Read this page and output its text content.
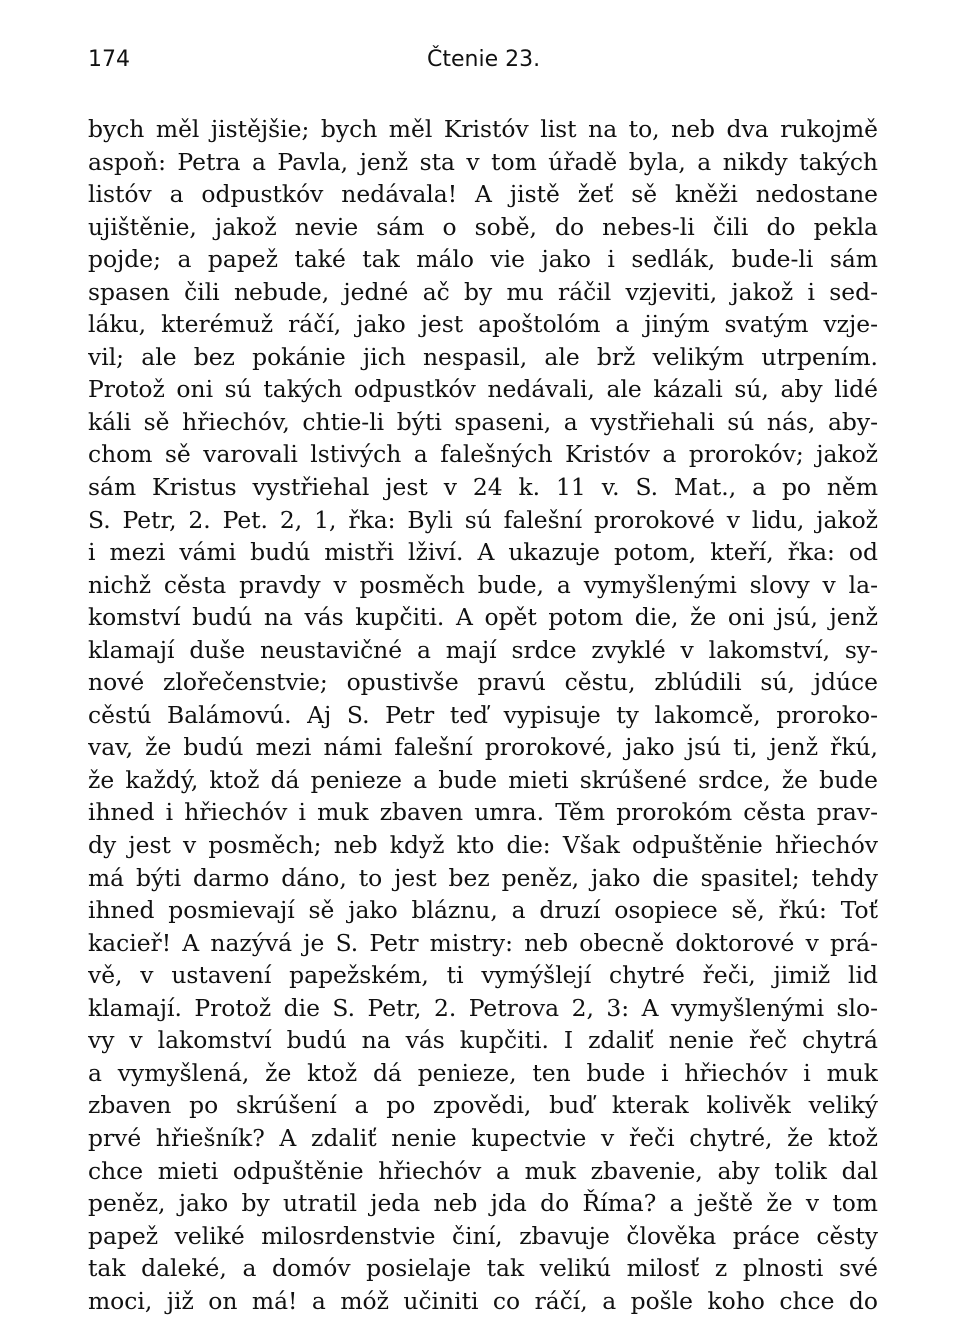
174	Čtenie 23.
bych měl jistějšie; bych měl Kristóv list na to, neb dva rukojmě
aspoň: Petra a Pavla, jenž sta v tom úřadě byla, a nikdy takých
listóv a odpustkóv nedávala! A jistě žeť sě kněži nedostane
ujištěnie, jakož nevie sám o sobě, do nebes-li čili do pekla
pojde; a papež také tak málo vie jako i sedlák, bude-li sám
spasen čili nebude, jedné ač by mu ráčil vzjeviti, jakož i sed-
láku, kterémuž ráčí, jako jest apoštolóm a jiným svatým vzje-
vil; ale bez pokánie jich nespasil, ale brž velikým utrpením.
Protož oni sú takých odpustkóv nedávali, ale kázali sú, aby lidé
káli sě hřiechóv, chtie-li býti spaseni, a vystřiehali sú nás, aby-
chom sě varovali lstivých a falešných Kristóv a prorokóv; jakož
sám Kristus vystřiehal jest v 24 k. 11 v. S. Mat., a po něm
S. Petr, 2. Pet. 2, 1, řka: Byli sú falešní prorokové v lidu, jakož
i mezi vámi budú mistři lživí. A ukazuje potom, kteří, řka: od
nichž cěsta pravdy v posměch bude, a vymyšlenými slovy v la-
komství budú na vás kupčiti. A opět potom die, že oni jsú, jenž
klamají duše neustavičné a mají srdce zvyklé v lakomství, sy-
nové zlořečenstvie; opustivše pravú cěstu, zblúdili sú, jdúce
cěstú Balámovú. Aj S. Petr teď vypisuje ty lakomcě, proroko-
vav, že budú mezi námi falešní prorokové, jako jsú ti, jenž řkú,
že každý, ktož dá penieze a bude mieti skrúšené srdce, že bude
ihned i hřiechóv i muk zbaven umra. Těm prorokóm cěsta prav-
dy jest v posměch; neb když kto die: Však odpuštěnie hřiechóv
má býti darmo dáno, to jest bez peněz, jako die spasitel; tehdy
ihned posmievají sě jako bláznu, a druzí osopiece sě, řkú: Toť
kacieř! A nazývá je S. Petr mistry: neb obecně doktorové v prá-
vě, v ustavení papežském, ti vymýšlejí chytré řeči, jimiž lid
klamají. Protož die S. Petr, 2. Petrova 2, 3: A vymyšlenými slo-
vy v lakomství budú na vás kupčiti. I zdaliť nenie řeč chytrá
a vymyšlená, že ktož dá penieze, ten bude i hřiechóv i muk
zbaven po skrúšení a po zpovědi, buď kterak kolivěk veliký
prvé hřiešník? A zdaliť nenie kupectvie v řeči chytré, že ktož
chce mieti odpuštěnie hřiechóv a muk zbavenie, aby tolik dal
peněz, jako by utratil jeda neb jda do Říma? a ještě že v tom
papež veliké milosrdenstvie činí, zbavuje člověka práce cěsty
tak daleké, a domóv posielaje tak velikú milosť z plnosti své
moci, již on má! a móž učiniti co ráčí, a pošle koho chce do
